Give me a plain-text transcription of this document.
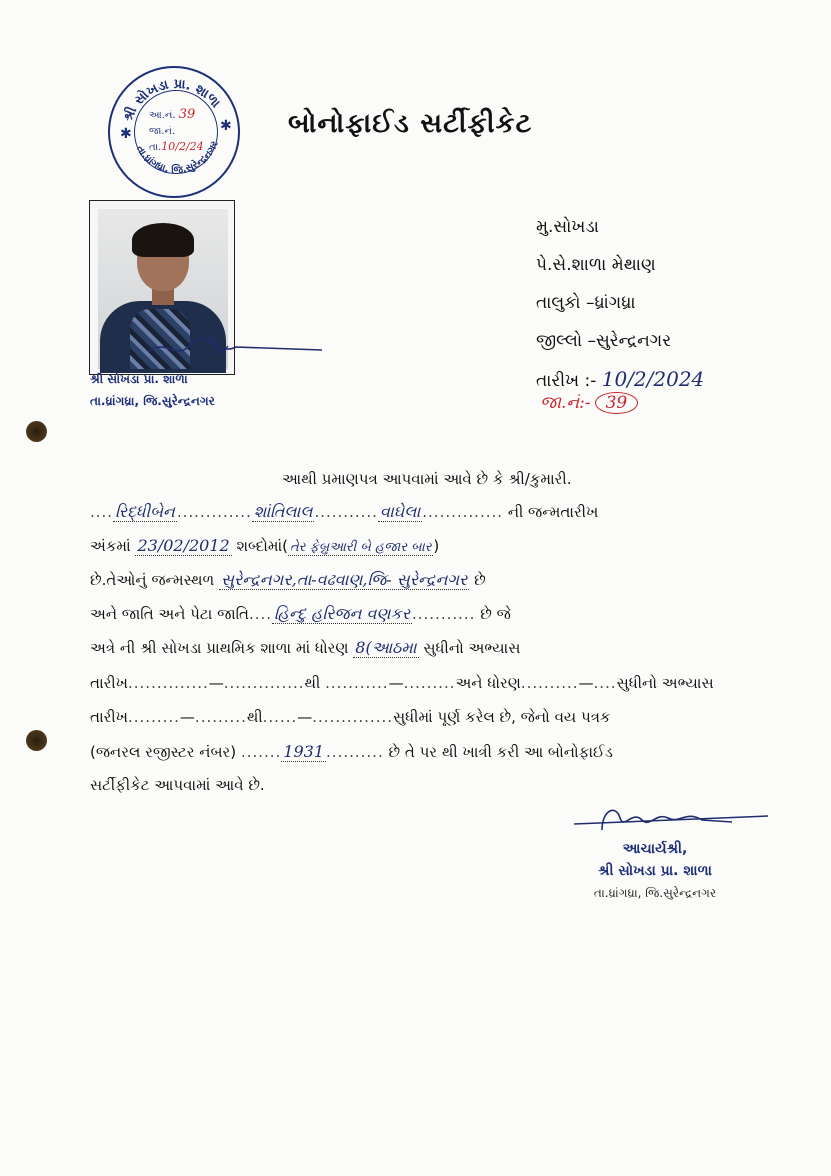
શ્રી સોખડા પ્રા. શાળા
તા.ધ્રાંગધ્રા, જિ.સુરેન્દ્રનગર
✱	✱
આ.નં. 39
જા.નં.
તા.10/2/24
બોનોફાઈડ સર્ટીફીકેટ
શ્રી સોખડા પ્રા. શાળા
તા.ધ્રાંગધ્રા, જિ.સુરેન્દ્રનગર
મુ.સોખડા
પે.સે.શાળા મેથાણ
તાલુકો –ધ્રાંગધ્રા
જીલ્લો –સુરેન્દ્રનગર
તારીખ :- 10/2/2024
જા.નં:- 39
આથી પ્રમાણપત્ર આપવામાં આવે છે કે શ્રી/કુમારી.
.... રિદ્ધીબેન ............. શાંતિલાલ ........... વાઘેલા .............. ની જન્મતારીખ
અંકમાં 23/02/2012 શબ્દોમાં( તેર ફેબ્રુઆરી બે હજાર બાર )
છે.તેઓનું જન્મસ્થળ સુરેન્દ્રનગર,તા-વઢવાણ,જિ- સુરેન્દ્રનગર છે
અને જાતિ અને પેટા જાતિ.... હિન્દુ હરિજન વણકર ........... છે જે
અત્રે ની શ્રી સોખડા પ્રાથમિક શાળા માં ધોરણ 8(આઠમા સુધીનો અભ્યાસ
તારીખ..............—..............થી ...........—.........અને ધોરણ..........—....સુધીનો અભ્યાસ
તારીખ.........—.........થી......—..............સુધીમાં પૂર્ણ કરેલ છે, જેનો વય પત્રક
(જનરલ રજીસ્ટર નંબર) ....... 1931 .......... છે તે પર થી ખાત્રી કરી આ બોનોફાઈડ
સર્ટીફીકેટ આપવામાં આવે છે.
આચાર્યશ્રી,
શ્રી સોખડા પ્રા. શાળા
તા.ધ્રાંગધ્રા, જિ.સુરેન્દ્રનગર
